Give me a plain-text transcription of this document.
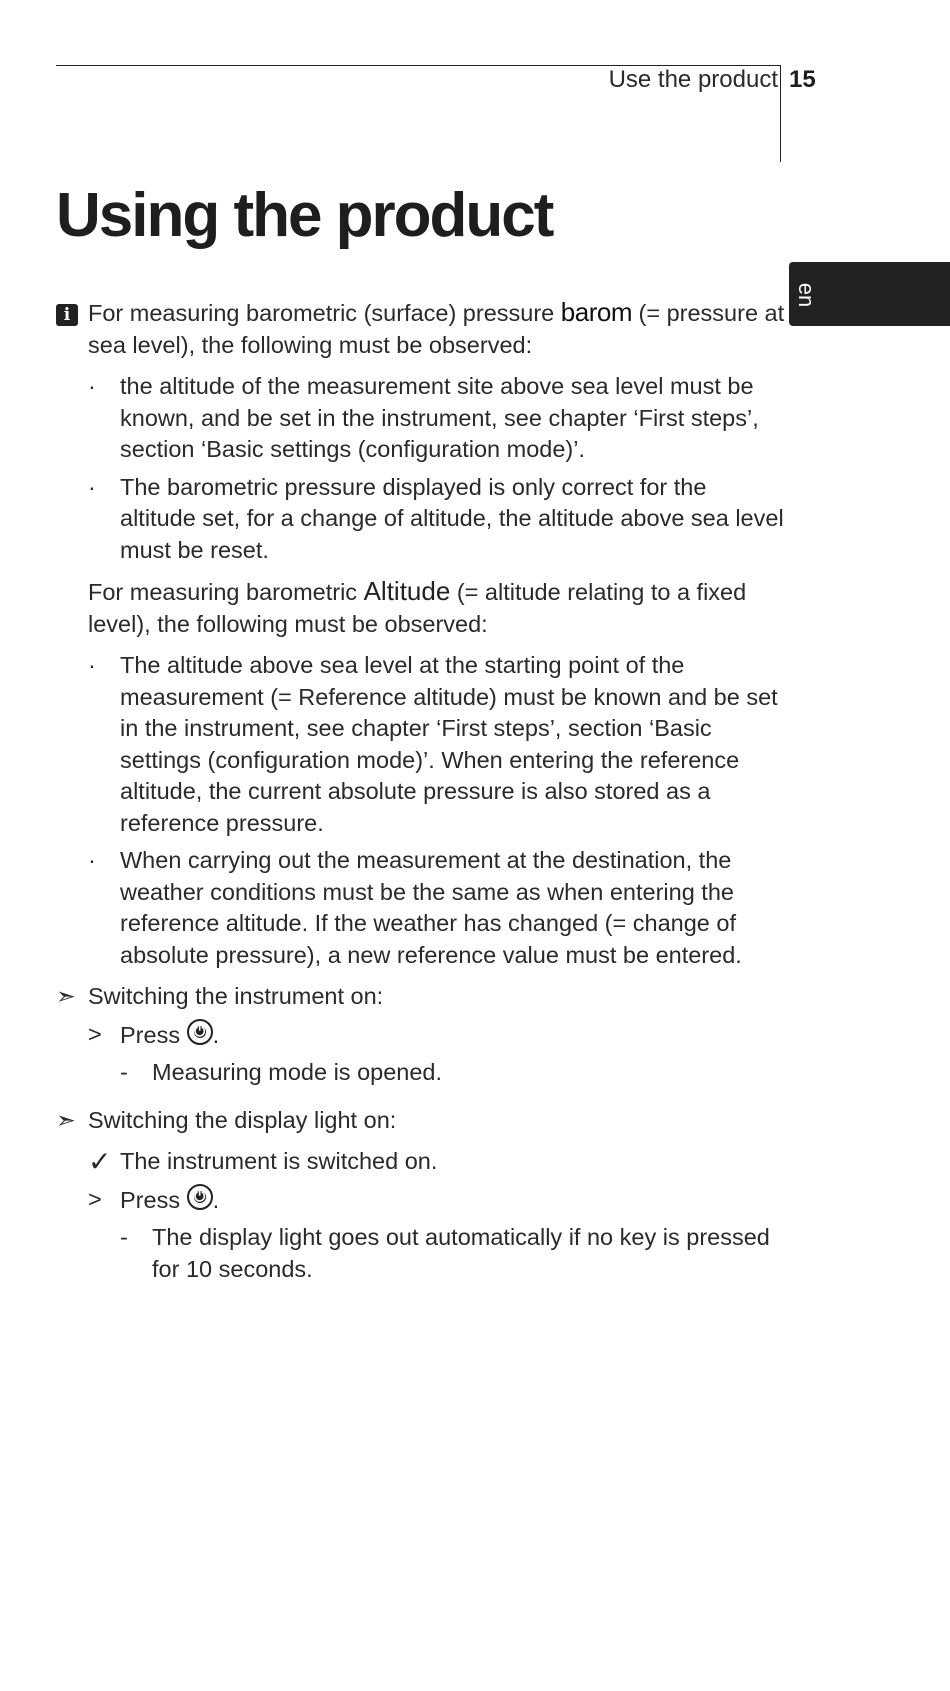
Use the product 15
en
Using the product
i For measuring barometric (surface) pressure barom (= pressure at sea level), the following must be observed:
·	the altitude of the measurement site above sea level must be known, and be set in the instrument, see chapter ‘First steps’, section ‘Basic settings (configuration mode)’.
·	The barometric pressure displayed is only correct for the altitude set, for a change of altitude, the altitude above sea level must be reset.
For measuring barometric Altitude (= altitude relating to a fixed level), the following must be observed:
·	The altitude above sea level at the starting point of the measurement (= Reference altitude) must be known and be set in the instrument, see chapter ‘First steps’, section ‘Basic settings (configuration mode)’. When entering the reference altitude, the current absolute pressure is also stored as a reference pressure.
·	When carrying out the measurement at the destination, the weather conditions must be the same as when entering the reference altitude. If the weather has changed (= change of absolute pressure), a new reference value must be entered.
➣ Switching the instrument on:
> Press ⏻ .
-	Measuring mode is opened.
➣ Switching the display light on:
✓ The instrument is switched on.
> Press ⏻ .
-	The display light goes out automatically if no key is pressed for 10 seconds.
